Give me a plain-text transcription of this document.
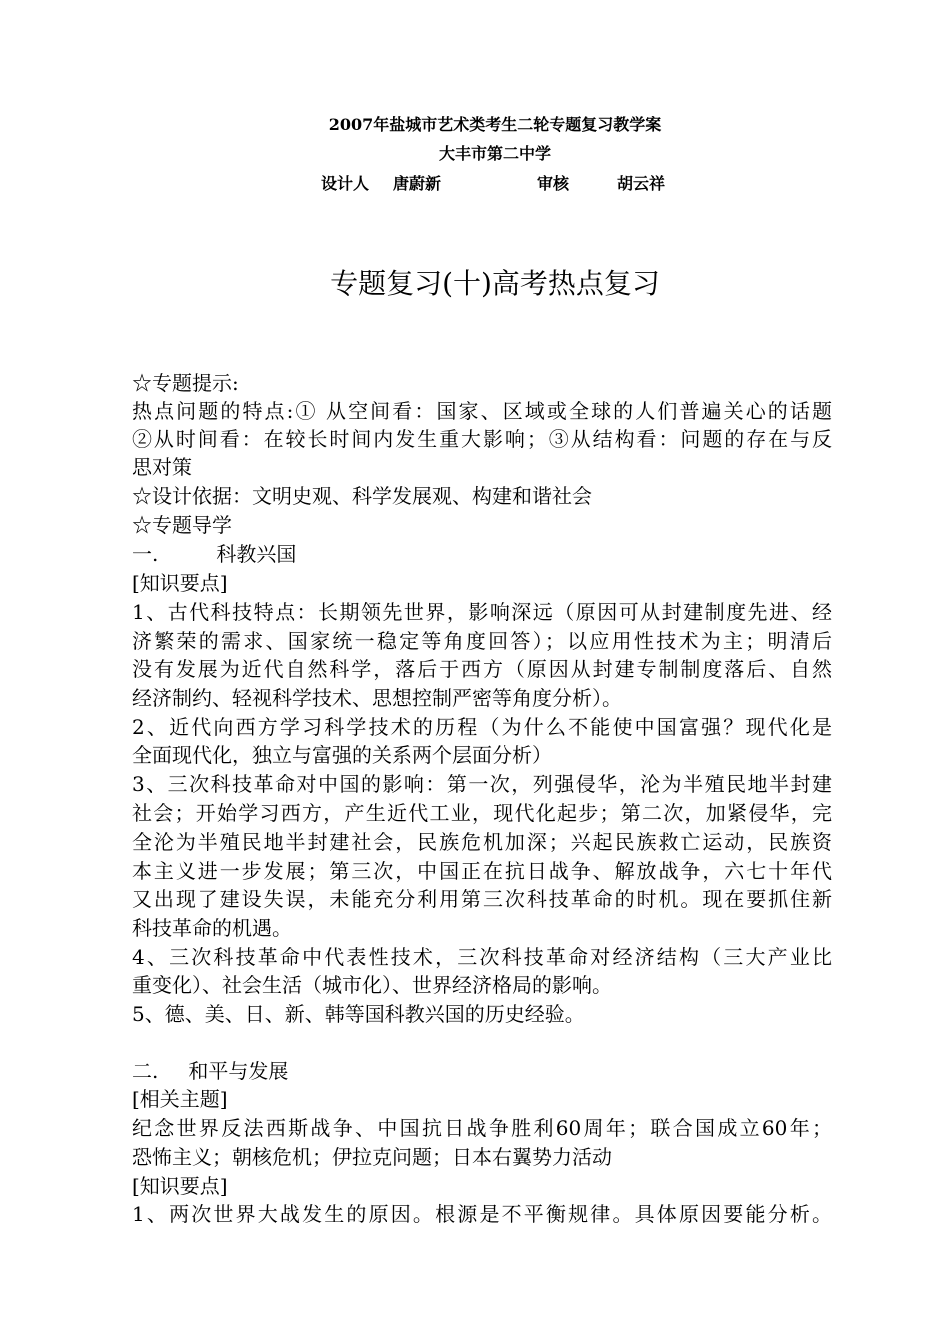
2007年盐城市艺术类考生二轮专题复习教学案
大丰市第二中学
设计人 唐蔚新	审核	胡云祥
专题复习(十)高考热点复习
☆专题提示:
热点问题的特点:① 从空间看：国家、区域或全球的人们普遍关心的话题
②从时间看：在较长时间内发生重大影响；③从结构看：问题的存在与反
思对策
☆设计依据：文明史观、科学发展观、构建和谐社会
☆专题导学
一.	科教兴国
[知识要点]
1、古代科技特点：长期领先世界，影响深远（原因可从封建制度先进、经
济繁荣的需求、国家统一稳定等角度回答）；以应用性技术为主；明清后
没有发展为近代自然科学，落后于西方（原因从封建专制制度落后、自然
经济制约、轻视科学技术、思想控制严密等角度分析）。
2、近代向西方学习科学技术的历程（为什么不能使中国富强？现代化是
全面现代化，独立与富强的关系两个层面分析）
3、三次科技革命对中国的影响：第一次，列强侵华，沦为半殖民地半封建
社会；开始学习西方，产生近代工业，现代化起步；第二次，加紧侵华，完
全沦为半殖民地半封建社会，民族危机加深；兴起民族救亡运动，民族资
本主义进一步发展；第三次，中国正在抗日战争、解放战争，六七十年代
又出现了建设失误，未能充分利用第三次科技革命的时机。现在要抓住新
科技革命的机遇。
4、三次科技革命中代表性技术，三次科技革命对经济结构（三大产业比
重变化）、社会生活（城市化）、世界经济格局的影响。
5、德、美、日、新、韩等国科教兴国的历史经验。
二. 和平与发展
[相关主题]
纪念世界反法西斯战争、中国抗日战争胜利60周年；联合国成立60年；
恐怖主义；朝核危机；伊拉克问题；日本右翼势力活动
[知识要点]
1、两次世界大战发生的原因。根源是不平衡规律。具体原因要能分析。
